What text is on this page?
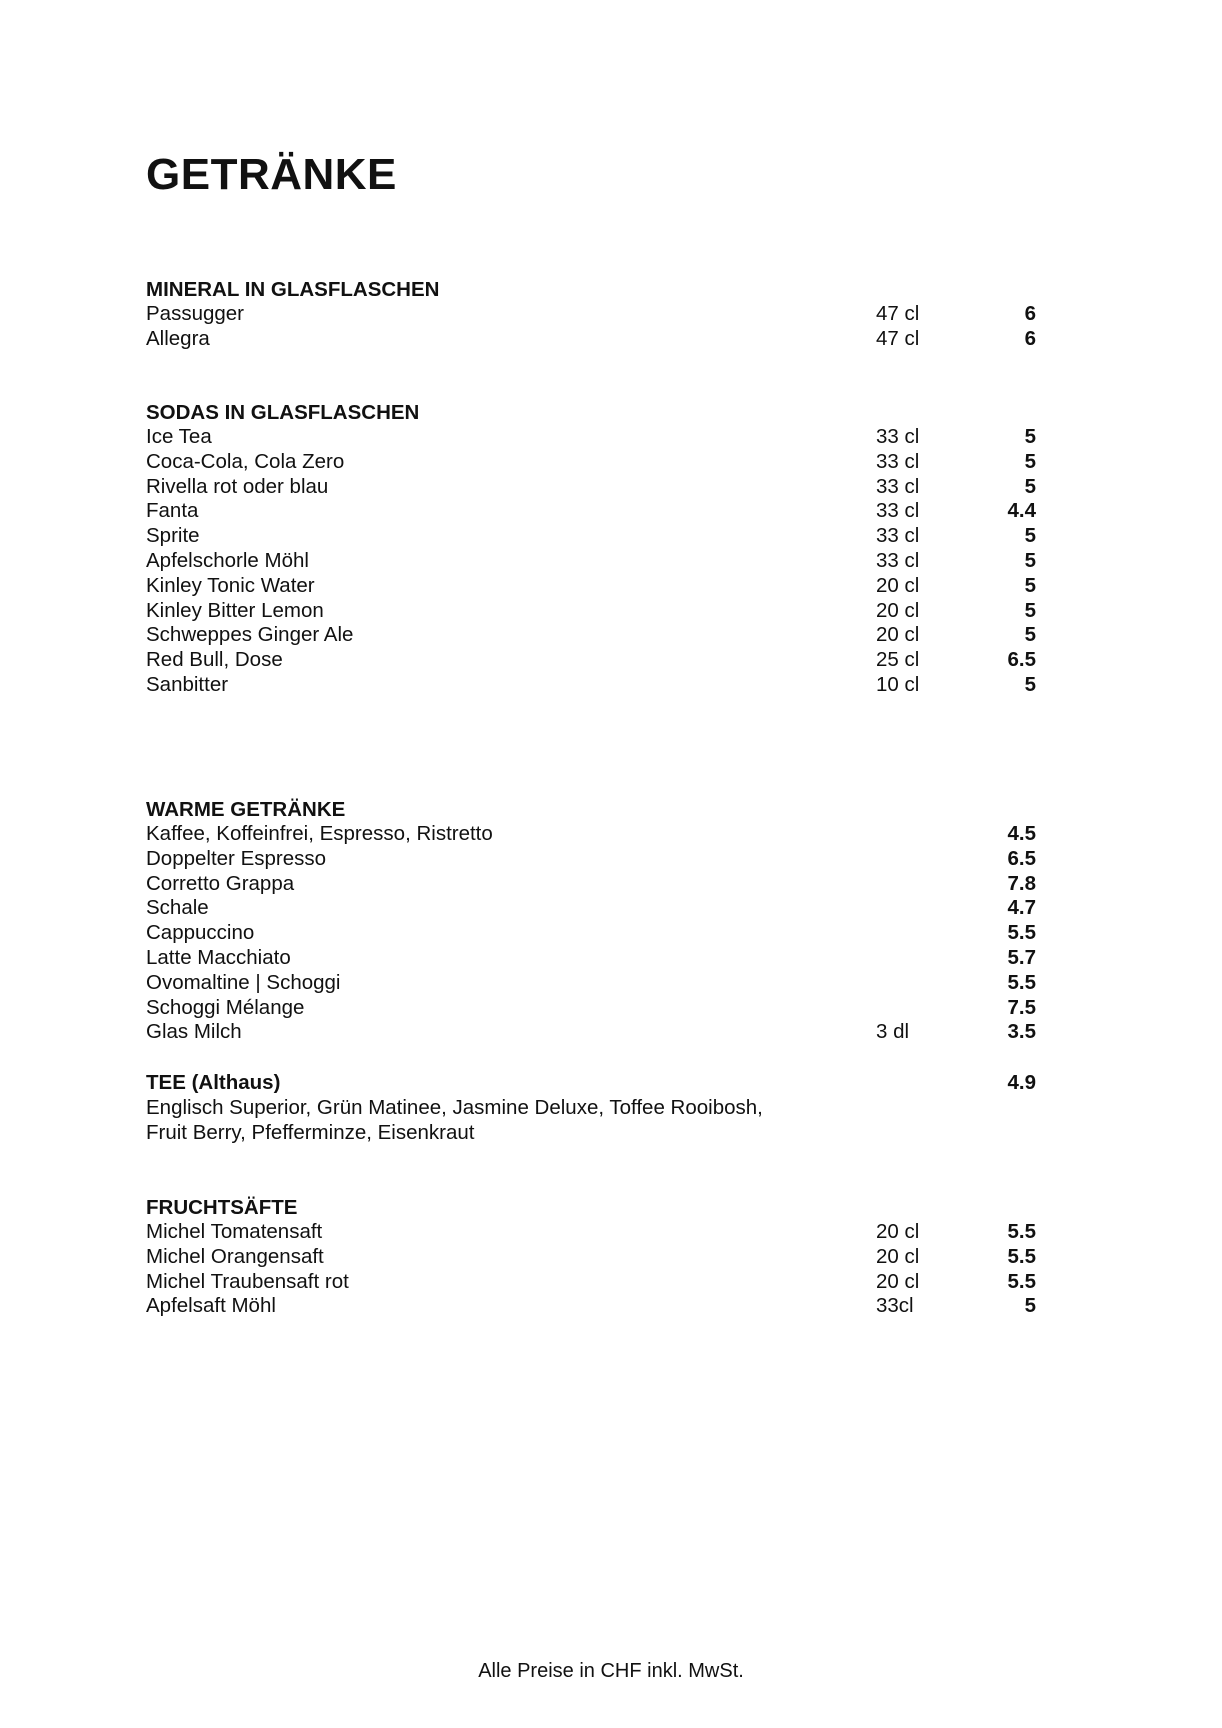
GETRÄNKE
MINERAL IN GLASFLASCHEN
Passugger	47 cl	6
Allegra	47 cl	6
SODAS IN GLASFLASCHEN
Ice Tea	33 cl	5
Coca-Cola, Cola Zero	33 cl	5
Rivella rot oder blau	33 cl	5
Fanta	33 cl	4.4
Sprite	33 cl	5
Apfelschorle Möhl	33 cl	5
Kinley Tonic Water	20 cl	5
Kinley Bitter Lemon	20 cl	5
Schweppes Ginger Ale	20 cl	5
Red Bull, Dose	25 cl	6.5
Sanbitter	10 cl	5
WARME GETRÄNKE
Kaffee, Koffeinfrei, Espresso, Ristretto	4.5
Doppelter Espresso	6.5
Corretto Grappa	7.8
Schale	4.7
Cappuccino	5.5
Latte Macchiato	5.7
Ovomaltine | Schoggi	5.5
Schoggi Mélange	7.5
Glas Milch	3 dl	3.5
TEE (Althaus)	4.9
Englisch Superior, Grün Matinee, Jasmine Deluxe, Toffee Rooibosh,
Fruit Berry, Pfefferminze, Eisenkraut
FRUCHTSÄFTE
Michel Tomatensaft	20 cl	5.5
Michel Orangensaft	20 cl	5.5
Michel Traubensaft rot	20 cl	5.5
Apfelsaft Möhl	33cl	5
Alle Preise in CHF inkl. MwSt.
